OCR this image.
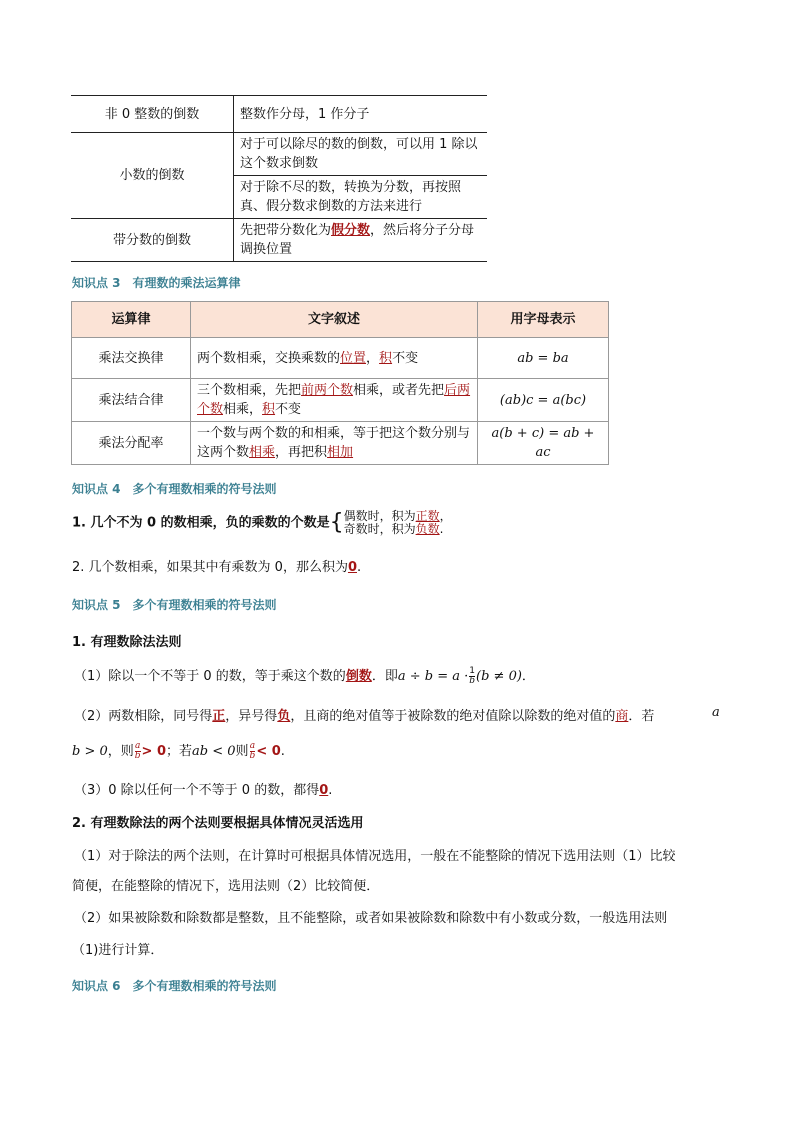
非 0 整数的倒数	整数作分母，1 作分子
小数的倒数	对于可以除尽的数的倒数，可以用 1 除以这个数求倒数
	对于除不尽的数，转换为分数，再按照真、假分数求倒数的方法来进行
带分数的倒数	先把带分数化为假分数，然后将分子分母调换位置
知识点 3　有理数的乘法运算律
运算律	文字叙述	用字母表示
乘法交换律	两个数相乘，交换乘数的位置，积不变	ab = ba
乘法结合律	三个数相乘，先把前两个数相乘，或者先把后两个数相乘，积不变	(ab)c = a(bc)
乘法分配率	一个数与两个数的和相乘，等于把这个数分别与这两个数相乘，再把积相加	a(b + c) = ab + ac
知识点 4　多个有理数相乘的符号法则
1. 几个不为 0 的数相乘，负的乘数的个数是{ 偶数时，积为正数，
奇数时，积为负数.
2. 几个数相乘，如果其中有乘数为 0，那么积为0.
知识点 5　多个有理数相乘的符号法则
1. 有理数除法法则
（1）除以一个不等于 0 的数，等于乘这个数的倒数．即$a \div b = a \cdot \frac{1}{b} (b \ne 0)$．
（2）两数相除，同号得正，异号得负，且商的绝对值等于被除数的绝对值除以除数的绝对值的商．若	a
b > 0，则 $\frac{a}{b} > 0$；若ab < 0则 $\frac{a}{b} < 0$.
（3）0 除以任何一个不等于 0 的数，都得0.
2. 有理数除法的两个法则要根据具体情况灵活选用
（1）对于除法的两个法则，在计算时可根据具体情况选用，一般在不能整除的情况下选用法则（1）比较
简便，在能整除的情况下，选用法则（2）比较简便．
（2）如果被除数和除数都是整数，且不能整除，或者如果被除数和除数中有小数或分数，一般选用法则
（1)进行计算．
知识点 6　多个有理数相乘的符号法则
